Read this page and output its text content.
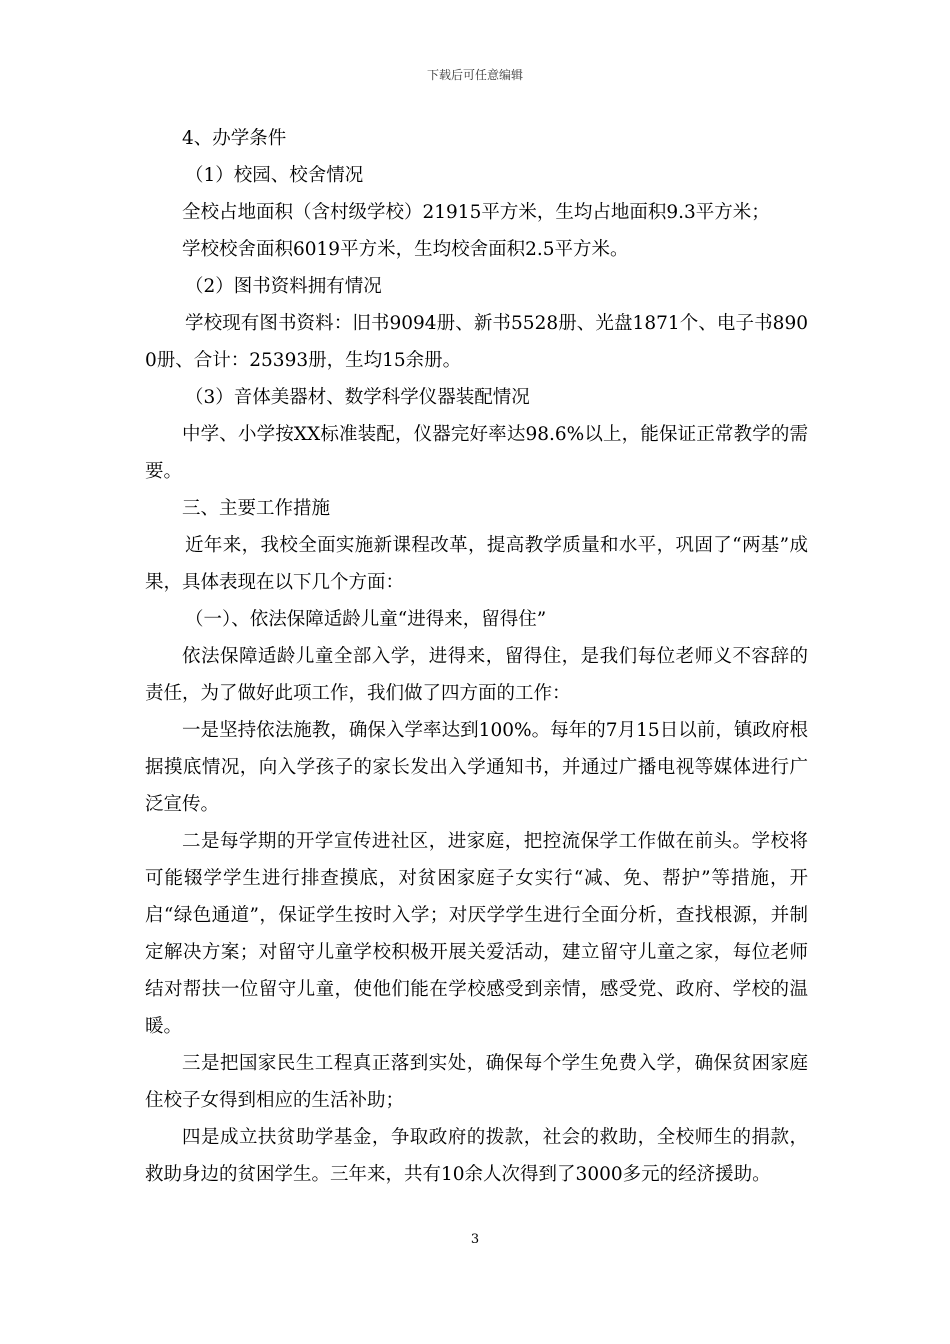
下载后可任意编辑

4、办学条件

（1）校园、校舍情况

全校占地面积（含村级学校）21915平方米，生均占地面积9.3平方米；

学校校舍面积6019平方米，生均校舍面积2.5平方米。

（2）图书资料拥有情况

学校现有图书资料：旧书9094册、新书5528册、光盘1871个、电子书8900册、合计：25393册，生均15余册。

（3）音体美器材、数学科学仪器装配情况

中学、小学按XX标准装配，仪器完好率达98.6%以上，能保证正常教学的需要。

三、主要工作措施

近年来，我校全面实施新课程改革，提高教学质量和水平，巩固了“两基”成果，具体表现在以下几个方面：

（一）、依法保障适龄儿童“进得来，留得住”

依法保障适龄儿童全部入学，进得来，留得住，是我们每位老师义不容辞的责任，为了做好此项工作，我们做了四方面的工作：

一是坚持依法施教，确保入学率达到100%。每年的7月15日以前，镇政府根据摸底情况，向入学孩子的家长发出入学通知书，并通过广播电视等媒体进行广泛宣传。

二是每学期的开学宣传进社区，进家庭，把控流保学工作做在前头。学校将可能辍学学生进行排查摸底，对贫困家庭子女实行“减、免、帮护”等措施，开启“绿色通道”，保证学生按时入学；对厌学学生进行全面分析，查找根源，并制定解决方案；对留守儿童学校积极开展关爱活动，建立留守儿童之家，每位老师结对帮扶一位留守儿童，使他们能在学校感受到亲情，感受党、政府、学校的温暖。

三是把国家民生工程真正落到实处，确保每个学生免费入学，确保贫困家庭住校子女得到相应的生活补助；

四是成立扶贫助学基金，争取政府的拨款，社会的救助，全校师生的捐款，救助身边的贫困学生。三年来，共有10余人次得到了3000多元的经济援助。

3
